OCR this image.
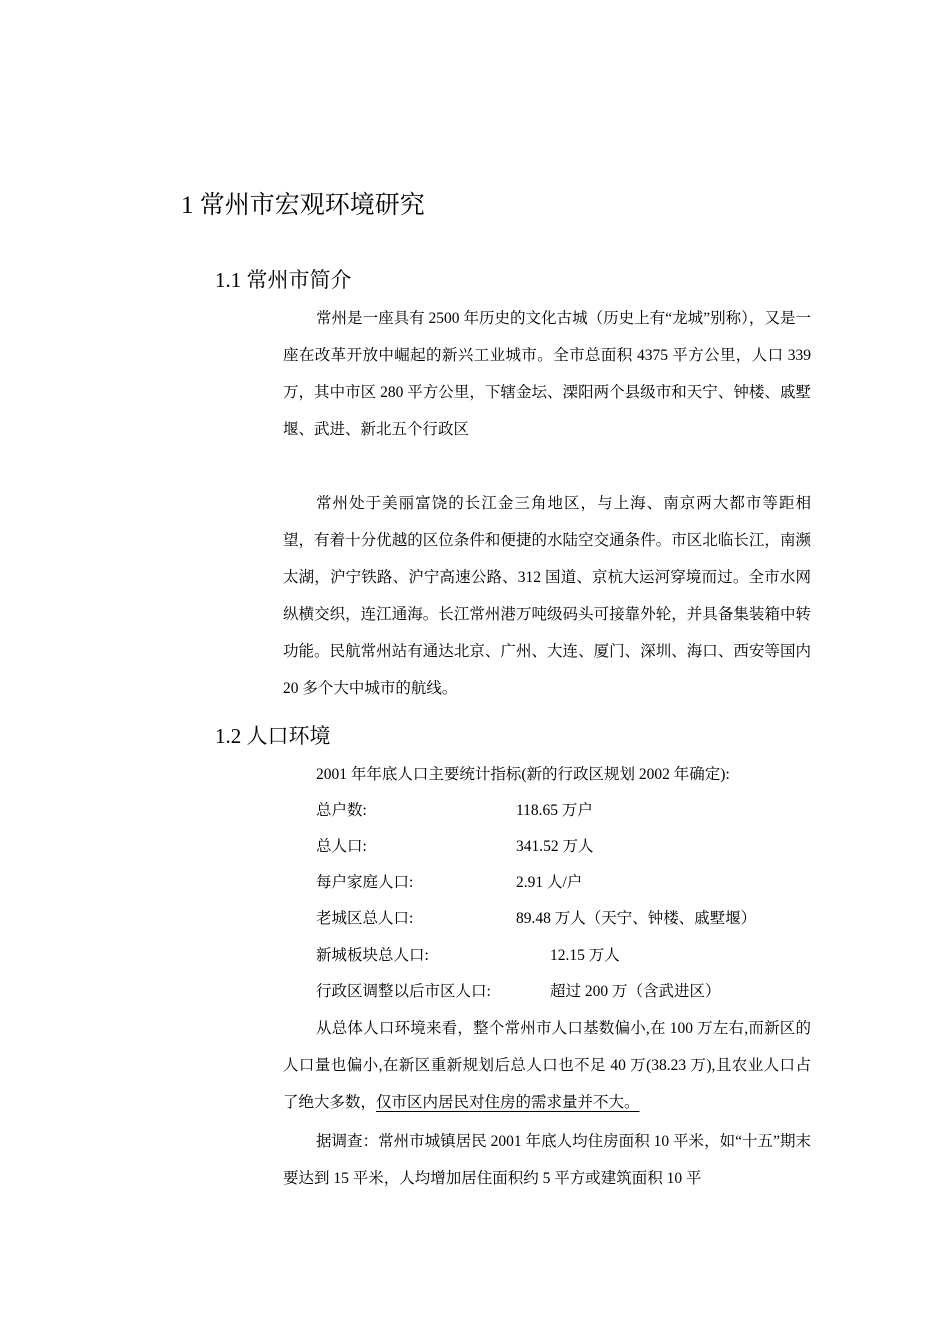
1 常州市宏观环境研究
1.1 常州市简介

常州是一座具有 2500 年历史的文化古城（历史上有“龙城”别称），又是一座在改革开放中崛起的新兴工业城市。全市总面积 4375 平方公里，人口 339 万，其中市区 280 平方公里，下辖金坛、溧阳两个县级市和天宁、钟楼、戚墅堰、武进、新北五个行政区

常州处于美丽富饶的长江金三角地区，与上海、南京两大都市等距相望，有着十分优越的区位条件和便捷的水陆空交通条件。市区北临长江，南濒太湖，沪宁铁路、沪宁高速公路、312 国道、京杭大运河穿境而过。全市水网纵横交织，连江通海。长江常州港万吨级码头可接靠外轮，并具备集装箱中转功能。民航常州站有通达北京、广州、大连、厦门、深圳、海口、西安等国内 20 多个大中城市的航线。

1.2 人口环境
2001 年年底人口主要统计指标(新的行政区规划 2002 年确定):
总户数:	118.65 万户
总人口:	341.52 万人
每户家庭人口:	2.91 人/户
老城区总人口:	89.48 万人（天宁、钟楼、戚墅堰）
新城板块总人口:	12.15 万人
行政区调整以后市区人口:	超过 200 万（含武进区）

从总体人口环境来看，整个常州市人口基数偏小,在 100 万左右,而新区的人口量也偏小,在新区重新规划后总人口也不足 40 万(38.23 万),且农业人口占了绝大多数，仅市区内居民对住房的需求量并不大。

据调查：常州市城镇居民 2001 年底人均住房面积 10 平米，如“十五”期末要达到 15 平米，人均增加居住面积约 5 平方或建筑面积 10 平
